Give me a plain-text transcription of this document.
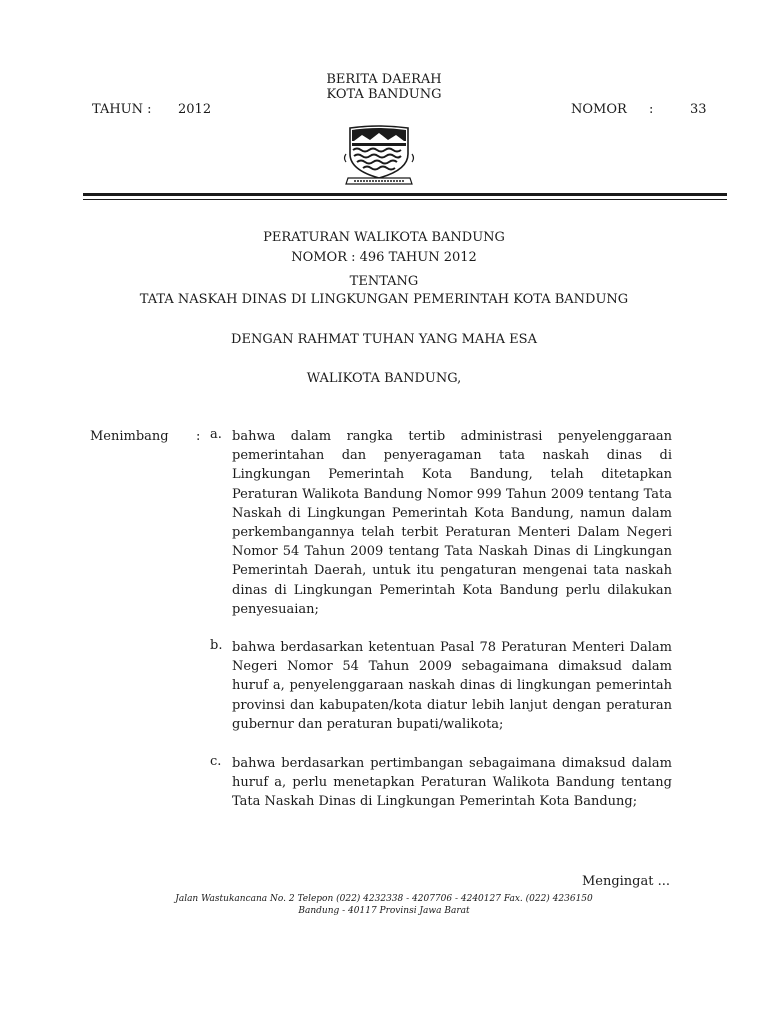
BERITA DAERAH
KOTA BANDUNG
TAHUN : 2012	NOMOR :	33
PERATURAN WALIKOTA BANDUNG
NOMOR : 496 TAHUN 2012
TENTANG
TATA NASKAH DINAS DI LINGKUNGAN PEMERINTAH KOTA BANDUNG
DENGAN RAHMAT TUHAN YANG MAHA ESA
WALIKOTA BANDUNG,
Menimbang : a. bahwa dalam rangka tertib administrasi penyelenggaraan pemerintahan dan penyeragaman tata naskah dinas di Lingkungan Pemerintah Kota Bandung, telah ditetapkan Peraturan Walikota Bandung Nomor 999 Tahun 2009 tentang Tata Naskah di Lingkungan Pemerintah Kota Bandung, namun dalam perkembangannya telah terbit Peraturan Menteri Dalam Negeri Nomor 54 Tahun 2009 tentang Tata Naskah Dinas di Lingkungan Pemerintah Daerah, untuk itu pengaturan mengenai tata naskah dinas di Lingkungan Pemerintah Kota Bandung perlu dilakukan penyesuaian;
b. bahwa berdasarkan ketentuan Pasal 78 Peraturan Menteri Dalam Negeri Nomor 54 Tahun 2009 sebagaimana dimaksud dalam huruf a, penyelenggaraan naskah dinas di lingkungan pemerintah provinsi dan kabupaten/kota diatur lebih lanjut dengan peraturan gubernur dan peraturan bupati/walikota;
c. bahwa berdasarkan pertimbangan sebagaimana dimaksud dalam huruf a, perlu menetapkan Peraturan Walikota Bandung tentang Tata Naskah Dinas di Lingkungan Pemerintah Kota Bandung;
Mengingat ...
Jalan Wastukancana No. 2 Telepon (022) 4232338 - 4207706 - 4240127 Fax. (022) 4236150
Bandung - 40117 Provinsi Jawa Barat
